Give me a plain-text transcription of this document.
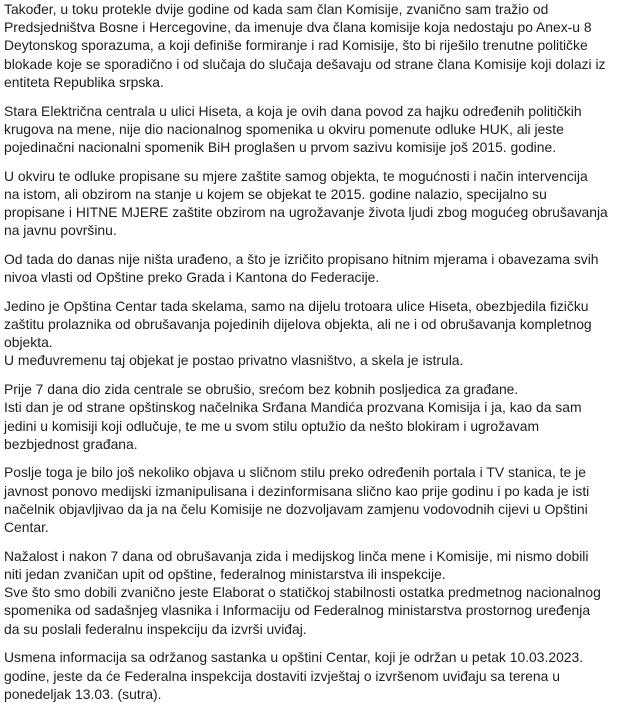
Također, u toku protekle dvije godine od kada sam član Komisije, zvanično sam tražio od
Predsjedništva Bosne i Hercegovine, da imenuje dva člana komisije koja nedostaju po Anex-u 8
Deytonskog sporazuma, a koji definiše formiranje i rad Komisije, što bi riješilo trenutne političke
blokade koje se sporadično i od slučaja do slučaja dešavaju od strane člana Komisije koji dolazi iz
entiteta Republika srpska.

Stara Električna centrala u ulici Hiseta, a koja je ovih dana povod za hajku određenih političkih
krugova na mene, nije dio nacionalnog spomenika u okviru pomenute odluke HUK, ali jeste
pojedinačni nacionalni spomenik BiH proglašen u prvom sazivu komisije još 2015. godine.

U okviru te odluke propisane su mjere zaštite samog objekta, te mogućnosti i način intervencija
na istom, ali obzirom na stanje u kojem se objekat te 2015. godine nalazio, specijalno su
propisane i HITNE MJERE zaštite obzirom na ugrožavanje života ljudi zbog mogućeg obrušavanja
na javnu površinu.

Od tada do danas nije ništa urađeno, a što je izričito propisano hitnim mjerama i obavezama svih
nivoa vlasti od Opštine preko Grada i Kantona do Federacije.

Jedino je Opština Centar tada skelama, samo na dijelu trotoara ulice Hiseta, obezbjedila fizičku
zaštitu prolaznika od obrušavanja pojedinih dijelova objekta, ali ne i od obrušavanja kompletnog
objekta.
U međuvremenu taj objekat je postao privatno vlasništvo, a skela je istrula.

Prije 7 dana dio zida centrale se obrušio, srećom bez kobnih posljedica za građane.
Isti dan je od strane opštinskog načelnika Srđana Mandića prozvana Komisija i ja, kao da sam
jedini u komisiji koji odlučuje, te me u svom stilu optužio da nešto blokiram i ugrožavam
bezbjednost građana.

Poslje toga je bilo još nekoliko objava u sličnom stilu preko određenih portala i TV stanica, te je
javnost ponovo medijski izmanipulisana i dezinformisana slično kao prije godinu i po kada je isti
načelnik objavljivao da ja na čelu Komisije ne dozvoljavam zamjenu vodovodnih cijevi u Opštini
Centar.

Nažalost i nakon 7 dana od obrušavanja zida i medijskog linča mene i Komisije, mi nismo dobili
niti jedan zvaničan upit od opštine, federalnog ministarstva ili inspekcije.
Sve što smo dobili zvanično jeste Elaborat o statičkoj stabilnosti ostatka predmetnog nacionalnog
spomenika od sadašnjeg vlasnika i Informaciju od Federalnog ministarstva prostornog uređenja
da su poslali federalnu inspekciju da izvrši uviđaj.

Usmena informacija sa održanog sastanka u opštini Centar, koji je održan u petak 10.03.2023.
godine, jeste da će Federalna inspekcija dostaviti izvještaj o izvršenom uviđaju sa terena u
ponedeljak 13.03. (sutra).
